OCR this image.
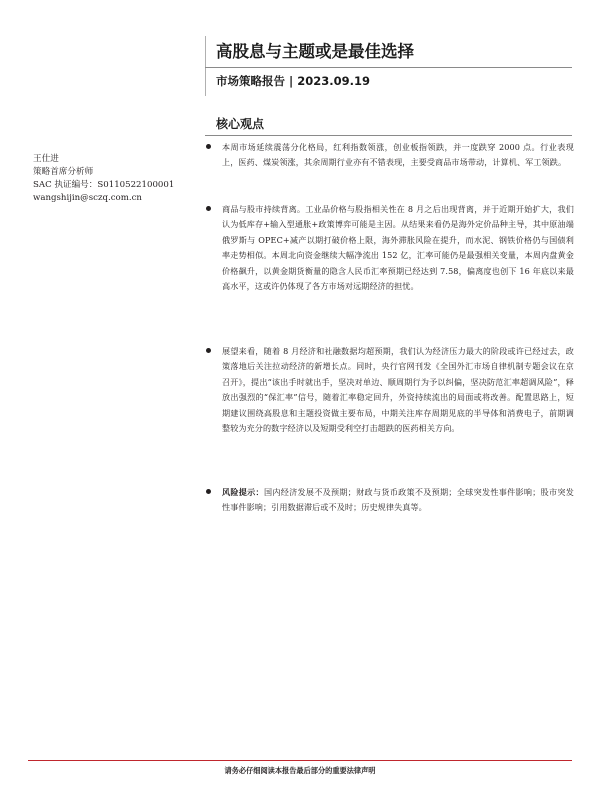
高股息与主题或是最佳选择
市场策略报告 | 2023.09.19
核心观点
王仕进
策略首席分析师
SAC 执证编号：S0110522100001
wangshijin@sczq.com.cn
本周市场延续震荡分化格局，红利指数领涨，创业板指领跌，并一度跌穿 2000 点。行业表现上，医药、煤炭领涨，其余周期行业亦有不错表现，主要受商品市场带动，计算机、军工领跌。
商品与股市持续背离。工业品价格与股指相关性在 8 月之后出现背离，并于近期开始扩大，我们认为低库存+输入型通胀+政策博弈可能是主因。从结果来看仍是海外定价品种主导，其中原油端俄罗斯与 OPEC+减产以期打破价格上限，海外滞胀风险在提升，而水泥、钢铁价格仍与国债利率走势相似。本周北向资金继续大幅净流出 152 亿，汇率可能仍是最强相关变量，本周内盘黄金价格飙升，以黄金期货衡量的隐含人民币汇率预期已经达到 7.58，偏离度也创下 16 年底以来最高水平，这或许仍体现了各方市场对远期经济的担忧。
展望来看，随着 8 月经济和社融数据均超预期，我们认为经济压力最大的阶段或许已经过去，政策落地后关注拉动经济的新增长点。同时，央行官网刊发《全国外汇市场自律机制专题会议在京召开》，提出“该出手时就出手，坚决对单边、顺周期行为予以纠偏，坚决防范汇率超调风险”，释放出强烈的“保汇率”信号，随着汇率稳定回升，外资持续流出的局面或将改善。配置思路上，短期建议围绕高股息和主题投资做主要布局，中期关注库存周期见底的半导体和消费电子，前期调整较为充分的数字经济以及短期受利空打击超跌的医药相关方向。
风险提示：国内经济发展不及预期；财政与货币政策不及预期；全球突发性事件影响；股市突发性事件影响；引用数据滞后或不及时；历史规律失真等。
请务必仔细阅读本报告最后部分的重要法律声明
